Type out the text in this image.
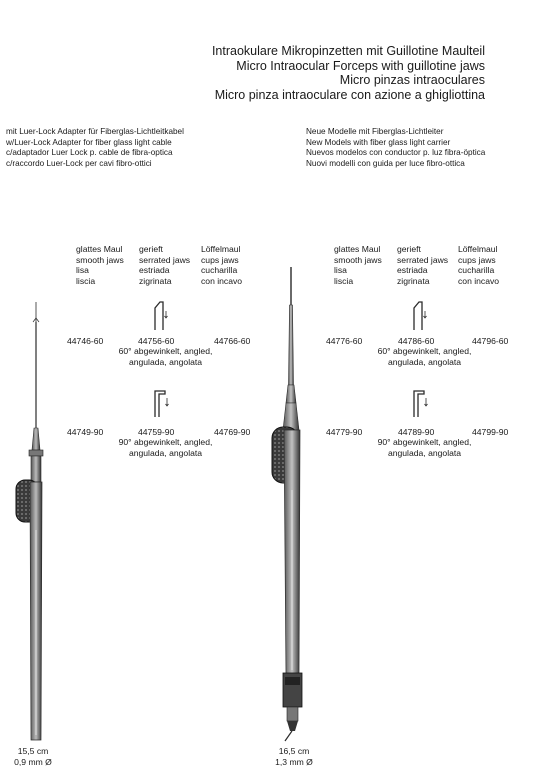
Intraokulare Mikropinzetten mit Guillotine Maulteil
Micro Intraocular Forceps with guillotine jaws
Micro pinzas intraoculares
Micro pinza intraoculare con azione a ghigliottina
mit Luer-Lock Adapter für Fiberglas-Lichtleitkabel
w/Luer-Lock Adapter for fiber glass light cable
c/adaptador Luer Lock p. cable de fibra-optica
c/raccordo Luer-Lock per cavi fibro-ottici
Neue Modelle mit Fiberglas-Lichtleiter
New Models with fiber glass light carrier
Nuevos modelos con conductor p. luz fibra-öptica
Nuovi modelli con guida per luce fibro-ottica
glattes Maul
smooth jaws
lisa
liscia
gerieft
serrated jaws
estriada
zigrinata
Löffelmaul
cups jaws
cucharilla
con incavo
glattes Maul
smooth jaws
lisa
liscia
gerieft
serrated jaws
estriada
zigrinata
Löffelmaul
cups jaws
cucharilla
con incavo
44746-60	44756-60	44766-60
60° abgewinkelt, angled,
angulada, angolata
44776-60	44786-60	44796-60
60° abgewinkelt, angled,
angulada, angolata
44749-90	44759-90	44769-90
90° abgewinkelt, angled,
angulada, angolata
44779-90	44789-90	44799-90
90° abgewinkelt, angled,
angulada, angolata
15,5 cm
0,9 mm Ø
16,5 cm
1,3 mm Ø
